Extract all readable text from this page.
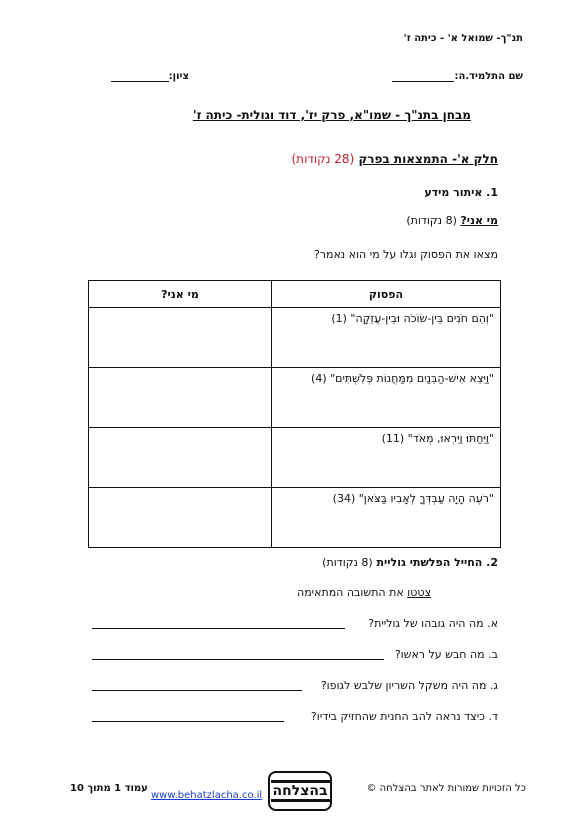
תנ"ך- שמואל א' - כיתה ז'
שם התלמיד.ה:
ציון:
מבחן בתנ"ך - שמו"א, פרק יז', דוד וגולית- כיתה ז'
חלק א'- התמצאות בפרק (28 נקודות)
1. איתור מידע
מי אני? (8 נקודות)
מצאו את הפסוק וגלו על מי הוא נאמר?
הפסוק	מי אני?
"וְהֵם חֹנִים בֵּין-שׂוֹכֹה וּבֵין-עֲזֵקָה" (1)	
"וַיֵּצֵא אִישׁ-הַבֵּנַיִם מִמַּחֲנוֹת פְּלִשְׁתִּים" (4)	
"וַיֵּחַתּוּ וַיִּרְאוּ, מְאֹד" (11)	
"רֹעֶה הָיָה עַבְדְּךָ לְאָבִיו בַּצֹּאן" (34)	
2. החייל הפלשתי גוליית (8 נקודות)
צטטו את התשובה המתאימה
א. מה היה גובהו של גוליית?
ב. מה חבש על ראשו?
ג. מה היה משקל השריון שלבש לגופו?
ד. כיצד נראה להב החנית שהחזיק בידיו?
כל הזכויות שמורות לאתר בהצלחה ©
בהצלחה
www.behatzlacha.co.il
עמוד 1 מתוך 10
